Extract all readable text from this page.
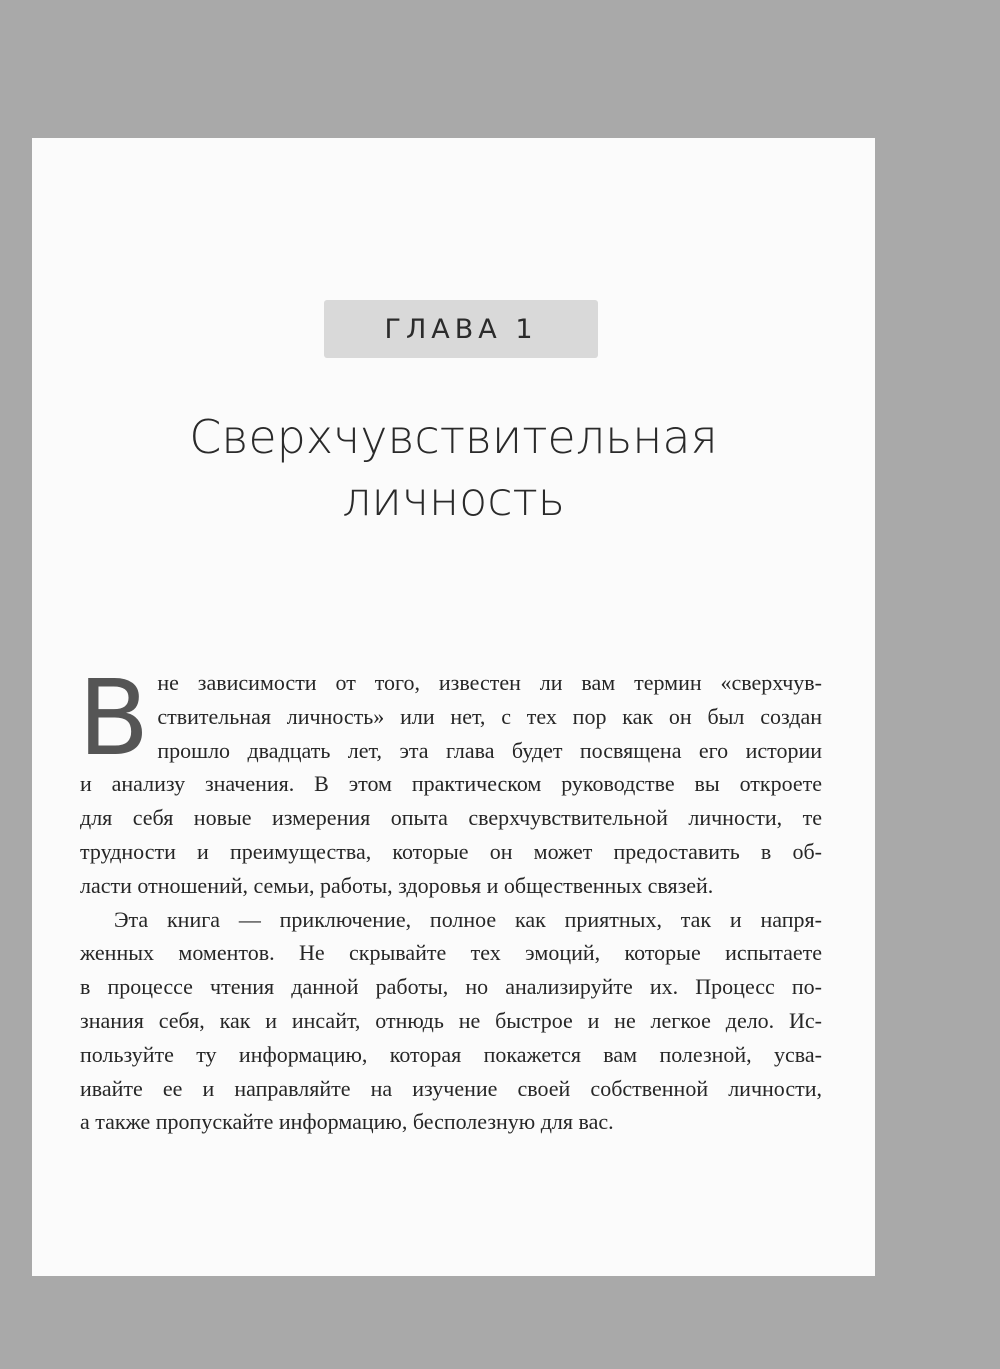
ГЛАВА 1
Сверхчувствительная
личность
В не зависимости от того, известен ли вам термин «сверхчув-
ствительная личность» или нет, с тех пор как он был создан
прошло двадцать лет, эта глава будет посвящена его истории
и анализу значения. В этом практическом руководстве вы откроете
для себя новые измерения опыта сверхчувствительной личности, те
трудности и преимущества, которые он может предоставить в об-
ласти отношений, семьи, работы, здоровья и общественных связей.
Эта книга — приключение, полное как приятных, так и напря-
женных моментов. Не скрывайте тех эмоций, которые испытаете
в процессе чтения данной работы, но анализируйте их. Процесс по-
знания себя, как и инсайт, отнюдь не быстрое и не легкое дело. Ис-
пользуйте ту информацию, которая покажется вам полезной, усва-
ивайте ее и направляйте на изучение своей собственной личности,
а также пропускайте информацию, бесполезную для вас.
